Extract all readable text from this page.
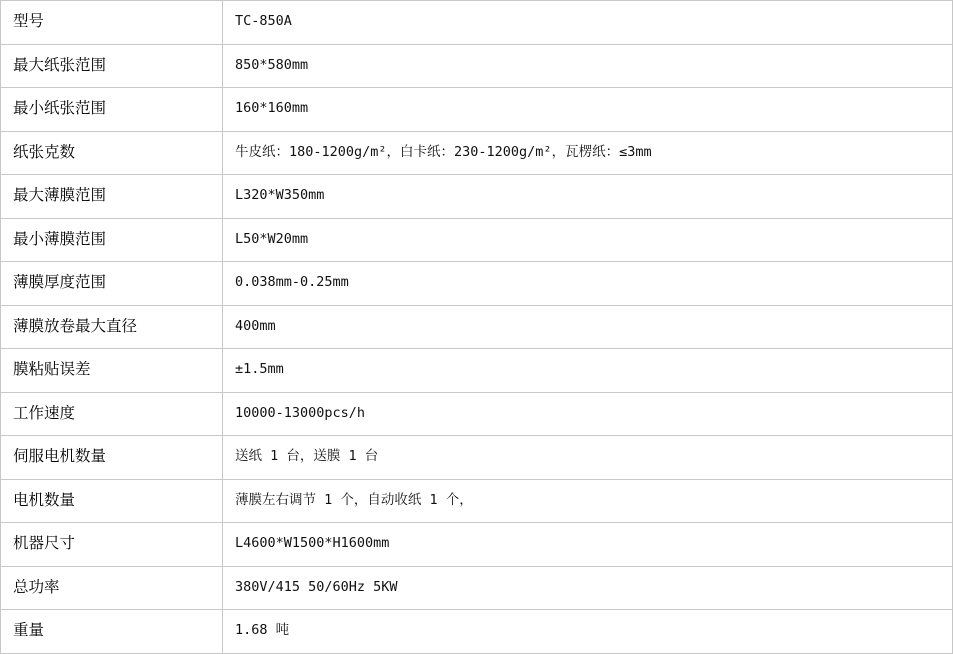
型号	TC-850A
最大纸张范围	850*580mm
最小纸张范围	160*160mm
纸张克数	牛皮纸：180-1200g/m²，白卡纸：230-1200g/m²，瓦楞纸：≤3mm
最大薄膜范围	L320*W350mm
最小薄膜范围	L50*W20mm
薄膜厚度范围	0.038mm-0.25mm
薄膜放卷最大直径	400mm
膜粘贴误差	±1.5mm
工作速度	10000-13000pcs/h
伺服电机数量	送纸 1 台，送膜 1 台
电机数量	薄膜左右调节 1 个，自动收纸 1 个，
机器尺寸	L4600*W1500*H1600mm
总功率	380V/415 50/60Hz 5KW
重量	1.68 吨
